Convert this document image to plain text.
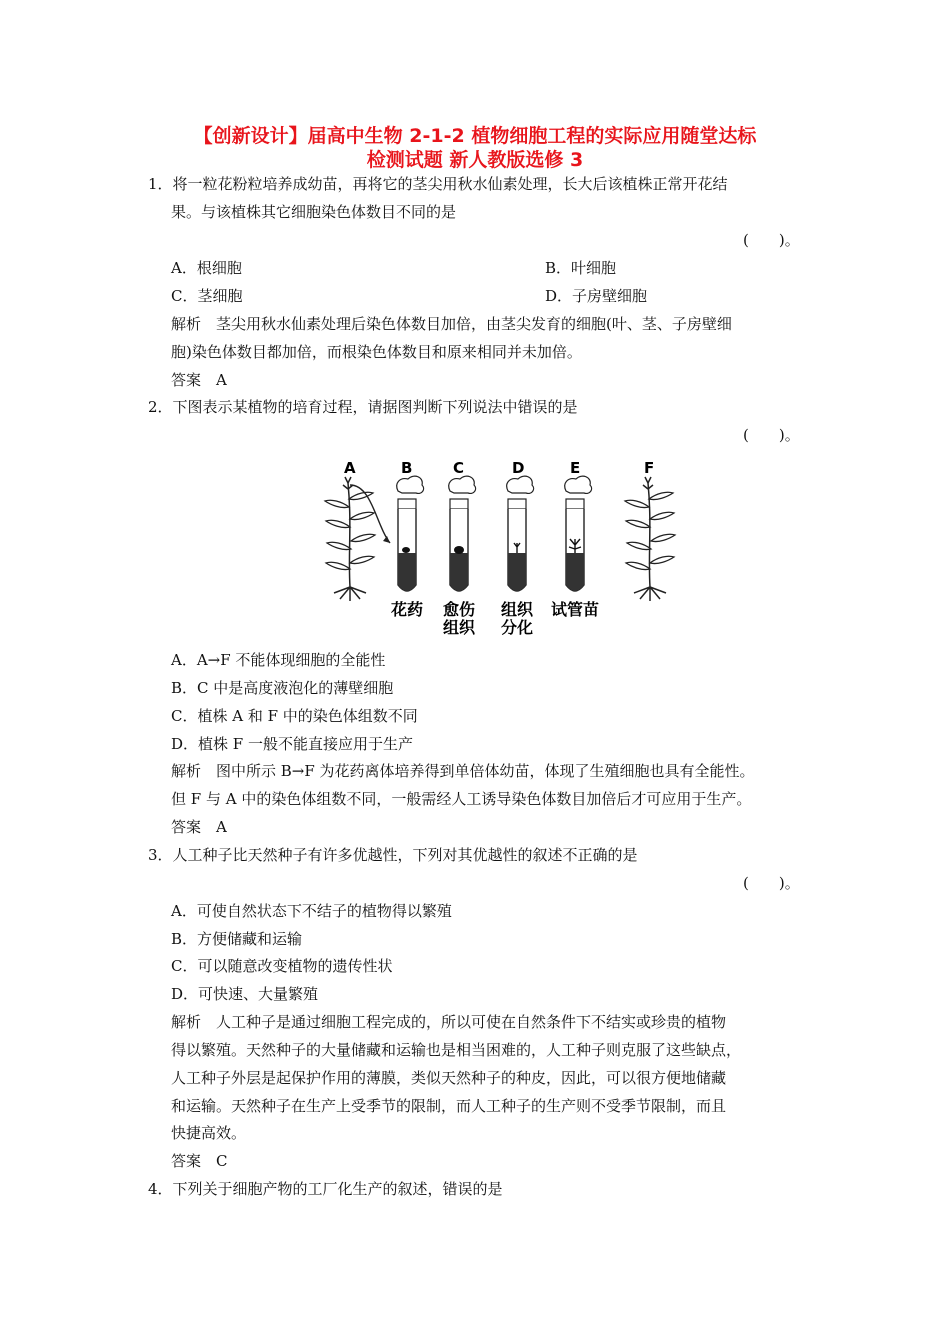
【创新设计】届高中生物 2-1-2 植物细胞工程的实际应用随堂达标
检测试题 新人教版选修 3
1．将一粒花粉粒培养成幼苗，再将它的茎尖用秋水仙素处理，长大后该植株正常开花结
果。与该植株其它细胞染色体数目不同的是
(　　)。
A．根细胞	B．叶细胞
C．茎细胞	D．子房壁细胞
解析　茎尖用秋水仙素处理后染色体数目加倍，由茎尖发育的细胞(叶、茎、子房壁细
胞)染色体数目都加倍，而根染色体数目和原来相同并未加倍。
答案　A
2．下图表示某植物的培育过程，请据图判断下列说法中错误的是
(　　)。
A	B	C	D	E	F
花药 愈伤
组织
组织
分化
试管苗
A．A→F 不能体现细胞的全能性
B．C 中是高度液泡化的薄壁细胞
C．植株 A 和 F 中的染色体组数不同
D．植株 F 一般不能直接应用于生产
解析　图中所示 B→F 为花药离体培养得到单倍体幼苗，体现了生殖细胞也具有全能性。
但 F 与 A 中的染色体组数不同，一般需经人工诱导染色体数目加倍后才可应用于生产。
答案　A
3．人工种子比天然种子有许多优越性，下列对其优越性的叙述不正确的是
(　　)。
A．可使自然状态下不结子的植物得以繁殖
B．方便储藏和运输
C．可以随意改变植物的遗传性状
D．可快速、大量繁殖
解析　人工种子是通过细胞工程完成的，所以可使在自然条件下不结实或珍贵的植物
得以繁殖。天然种子的大量储藏和运输也是相当困难的，人工种子则克服了这些缺点，
人工种子外层是起保护作用的薄膜，类似天然种子的种皮，因此，可以很方便地储藏
和运输。天然种子在生产上受季节的限制，而人工种子的生产则不受季节限制，而且
快捷高效。
答案　C
4．下列关于细胞产物的工厂化生产的叙述，错误的是
